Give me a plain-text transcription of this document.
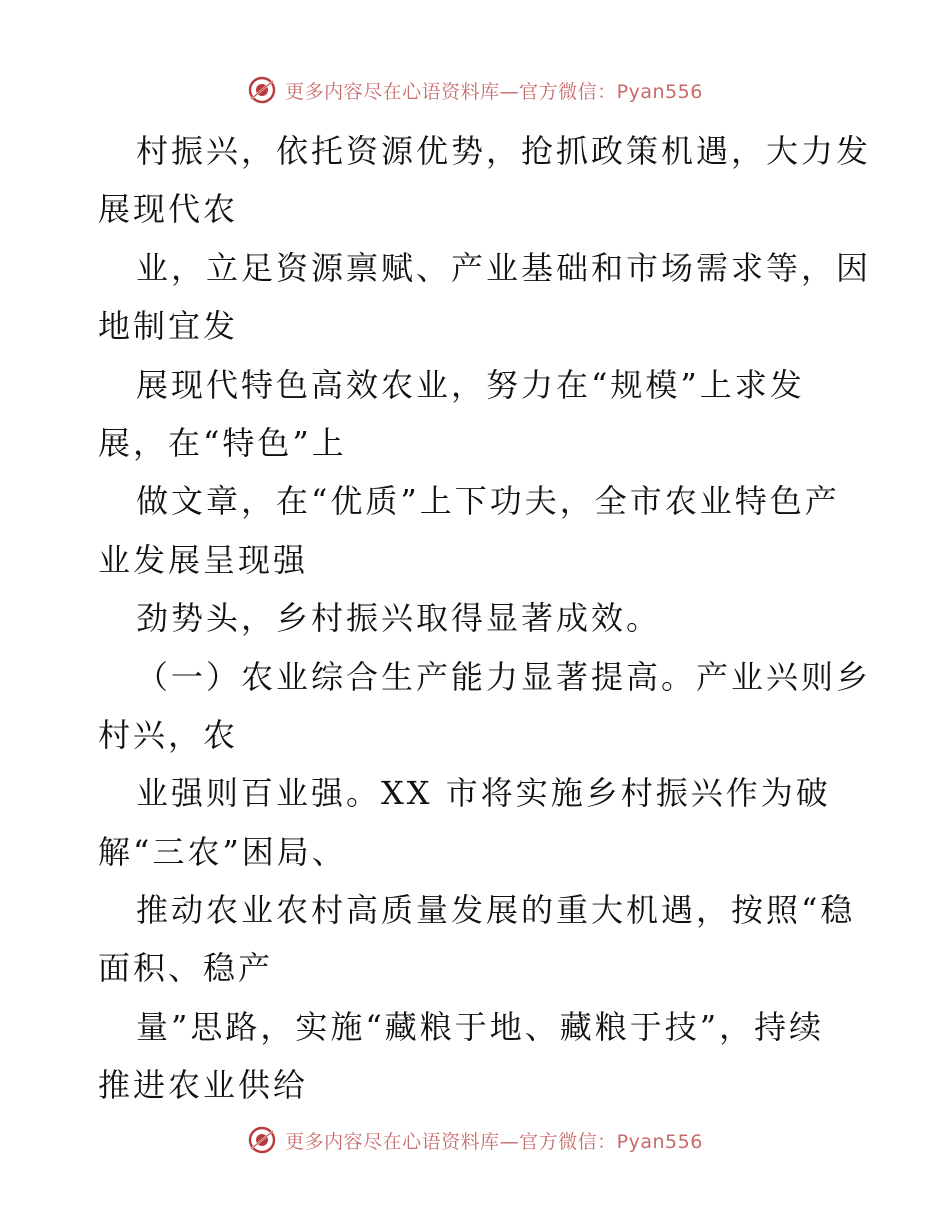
更多内容尽在心语资料库—官方微信：Pyan556
村振兴，依托资源优势，抢抓政策机遇，大力发
展现代农
业，立足资源禀赋、产业基础和市场需求等，因
地制宜发
展现代特色高效农业，努力在“规模”上求发
展，在“特色”上
做文章，在“优质”上下功夫，全市农业特色产
业发展呈现强
劲势头，乡村振兴取得显著成效。
（一）农业综合生产能力显著提高。产业兴则乡
村兴，农
业强则百业强。XX 市将实施乡村振兴作为破
解“三农”困局、
推动农业农村高质量发展的重大机遇，按照“稳
面积、稳产
量”思路，实施“藏粮于地、藏粮于技”，持续
推进农业供给
更多内容尽在心语资料库—官方微信：Pyan556
